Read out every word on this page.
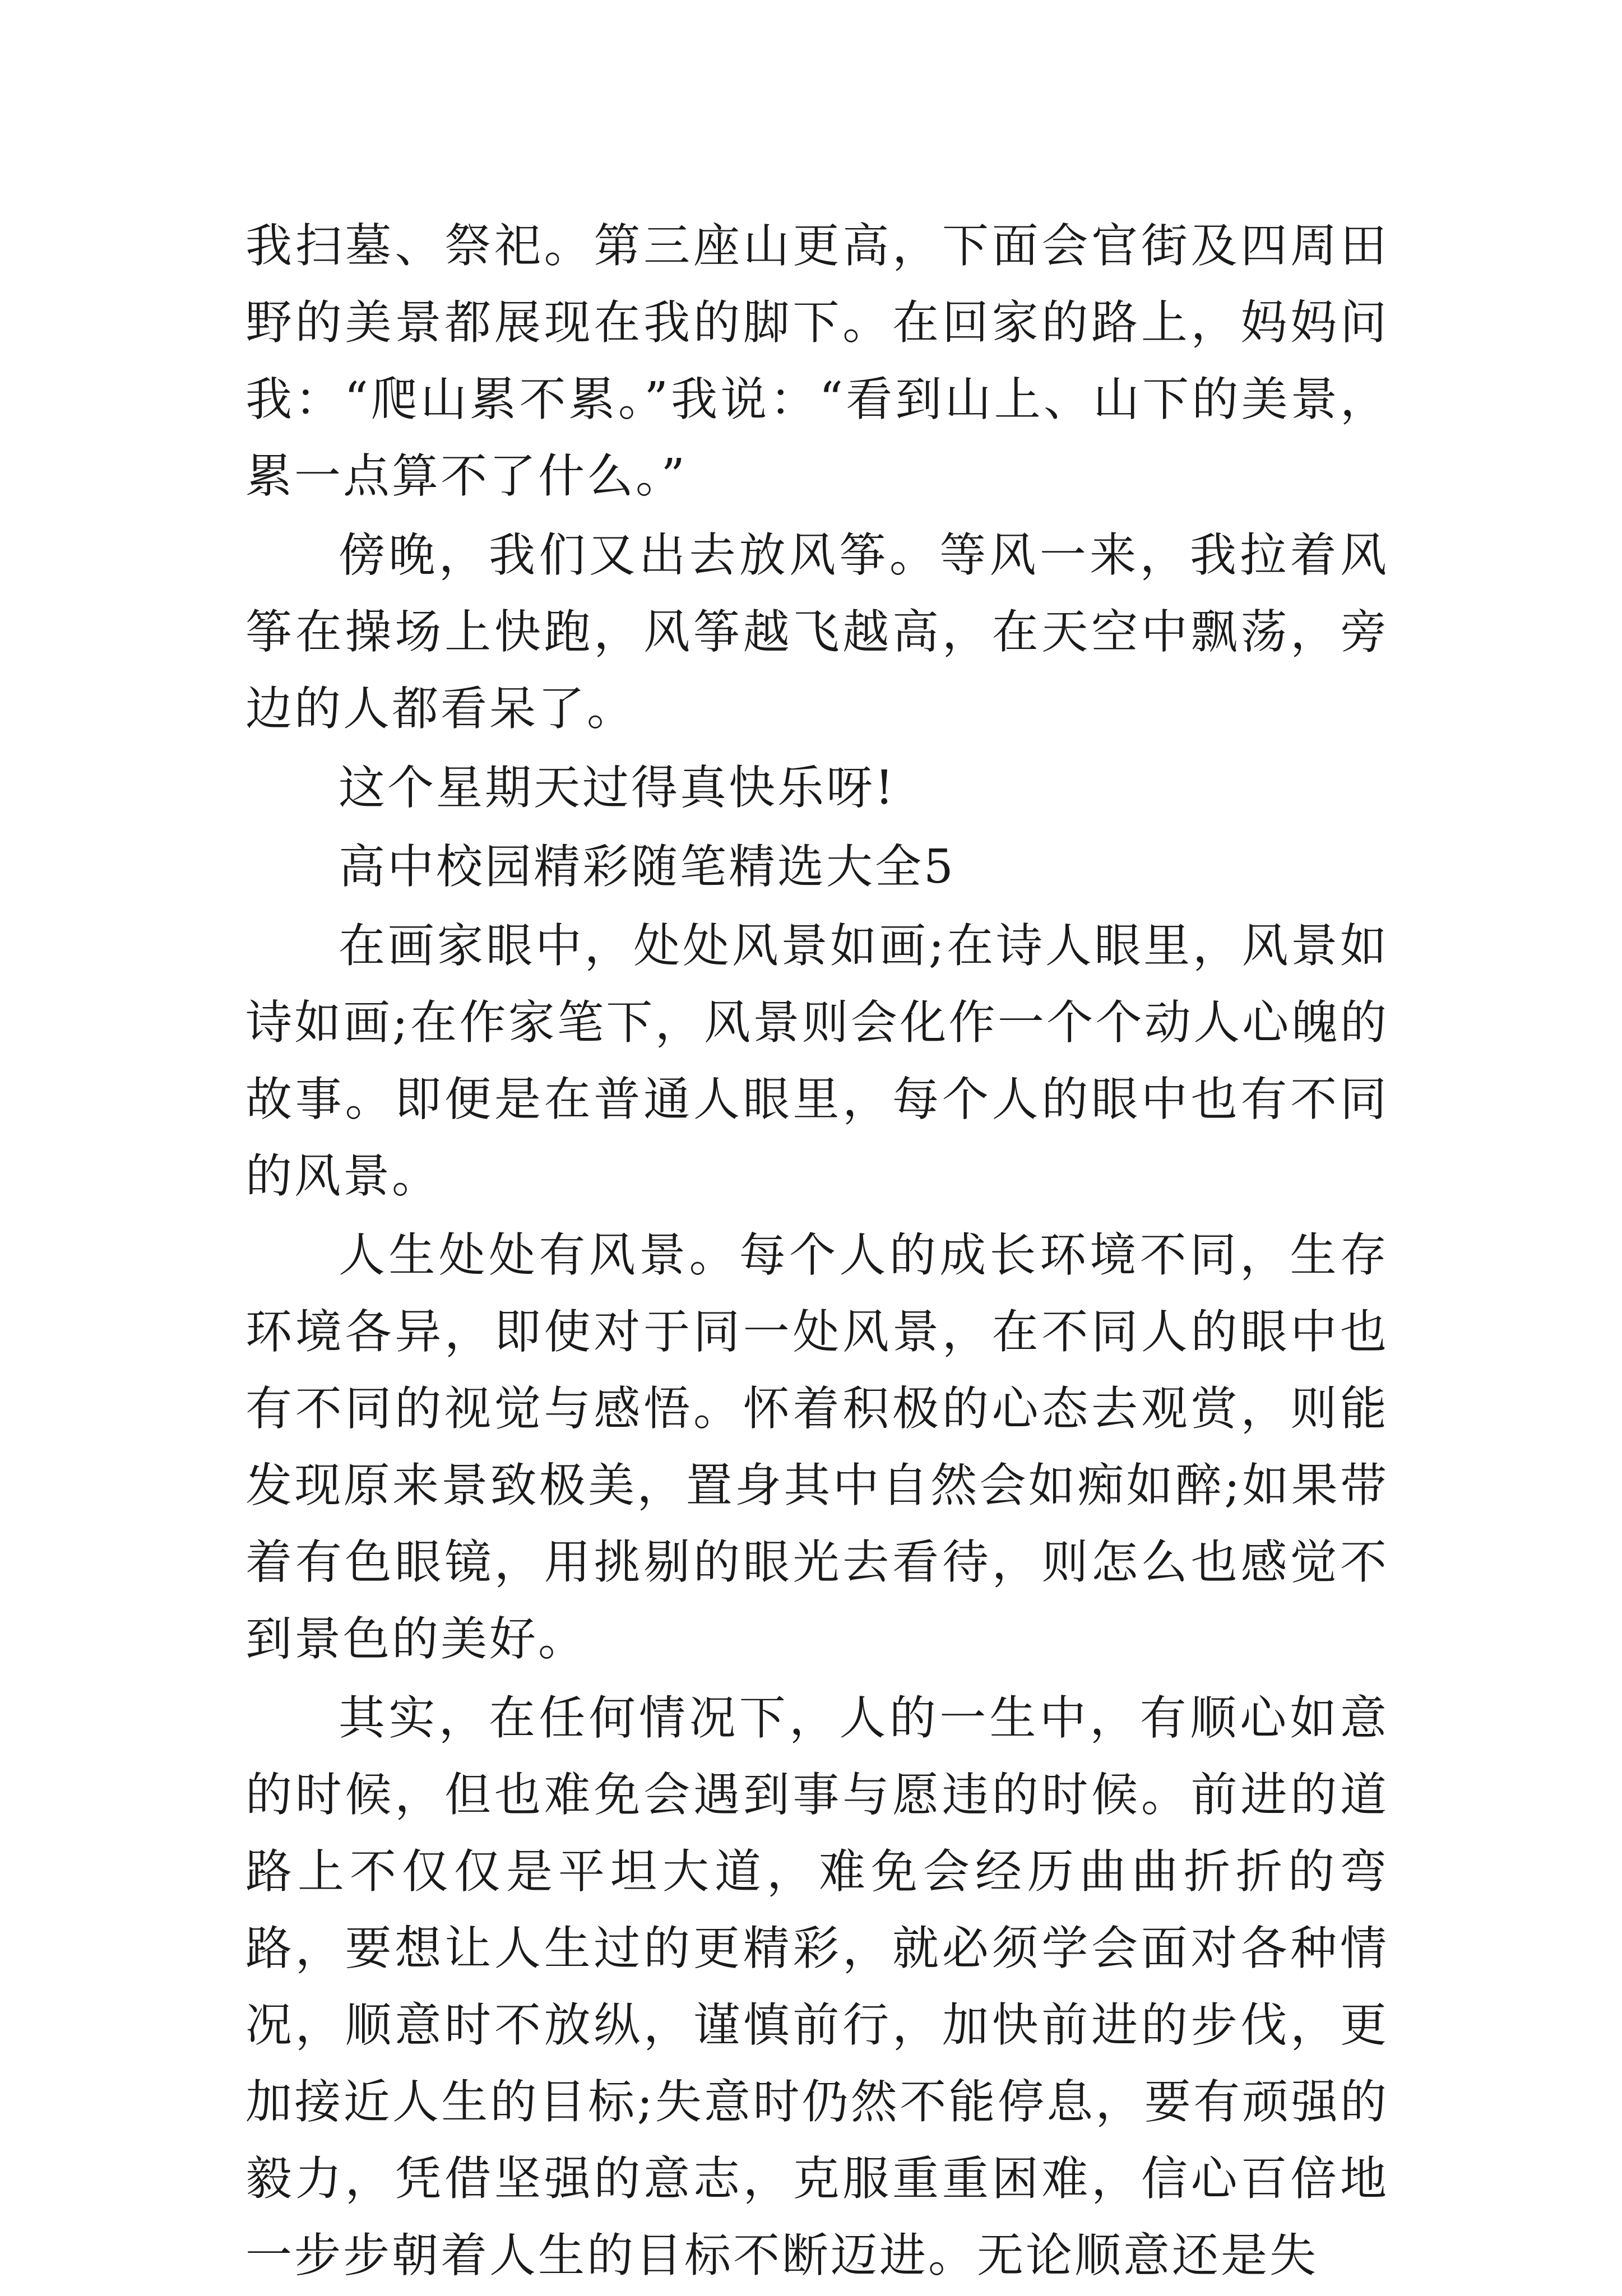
我扫墓、祭祀。第三座山更高，下面会官街及四周田野的美景都展现在我的脚下。在回家的路上，妈妈问我：“爬山累不累。”我说：“看到山上、山下的美景，累一点算不了什么。”

傍晚，我们又出去放风筝。等风一来，我拉着风筝在操场上快跑，风筝越飞越高，在天空中飘荡，旁边的人都看呆了。

这个星期天过得真快乐呀!

高中校园精彩随笔精选大全5

在画家眼中，处处风景如画;在诗人眼里，风景如诗如画;在作家笔下，风景则会化作一个个动人心魄的故事。即便是在普通人眼里，每个人的眼中也有不同的风景。

人生处处有风景。每个人的成长环境不同，生存环境各异，即使对于同一处风景，在不同人的眼中也有不同的视觉与感悟。怀着积极的心态去观赏，则能发现原来景致极美，置身其中自然会如痴如醉;如果带着有色眼镜，用挑剔的眼光去看待，则怎么也感觉不到景色的美好。

其实，在任何情况下，人的一生中，有顺心如意的时候，但也难免会遇到事与愿违的时候。前进的道路上不仅仅是平坦大道，难免会经历曲曲折折的弯路，要想让人生过的更精彩，就必须学会面对各种情况，顺意时不放纵，谨慎前行，加快前进的步伐，更加接近人生的目标;失意时仍然不能停息，要有顽强的毅力，凭借坚强的意志，克服重重困难，信心百倍地一步步朝着人生的目标不断迈进。无论顺意还是失
